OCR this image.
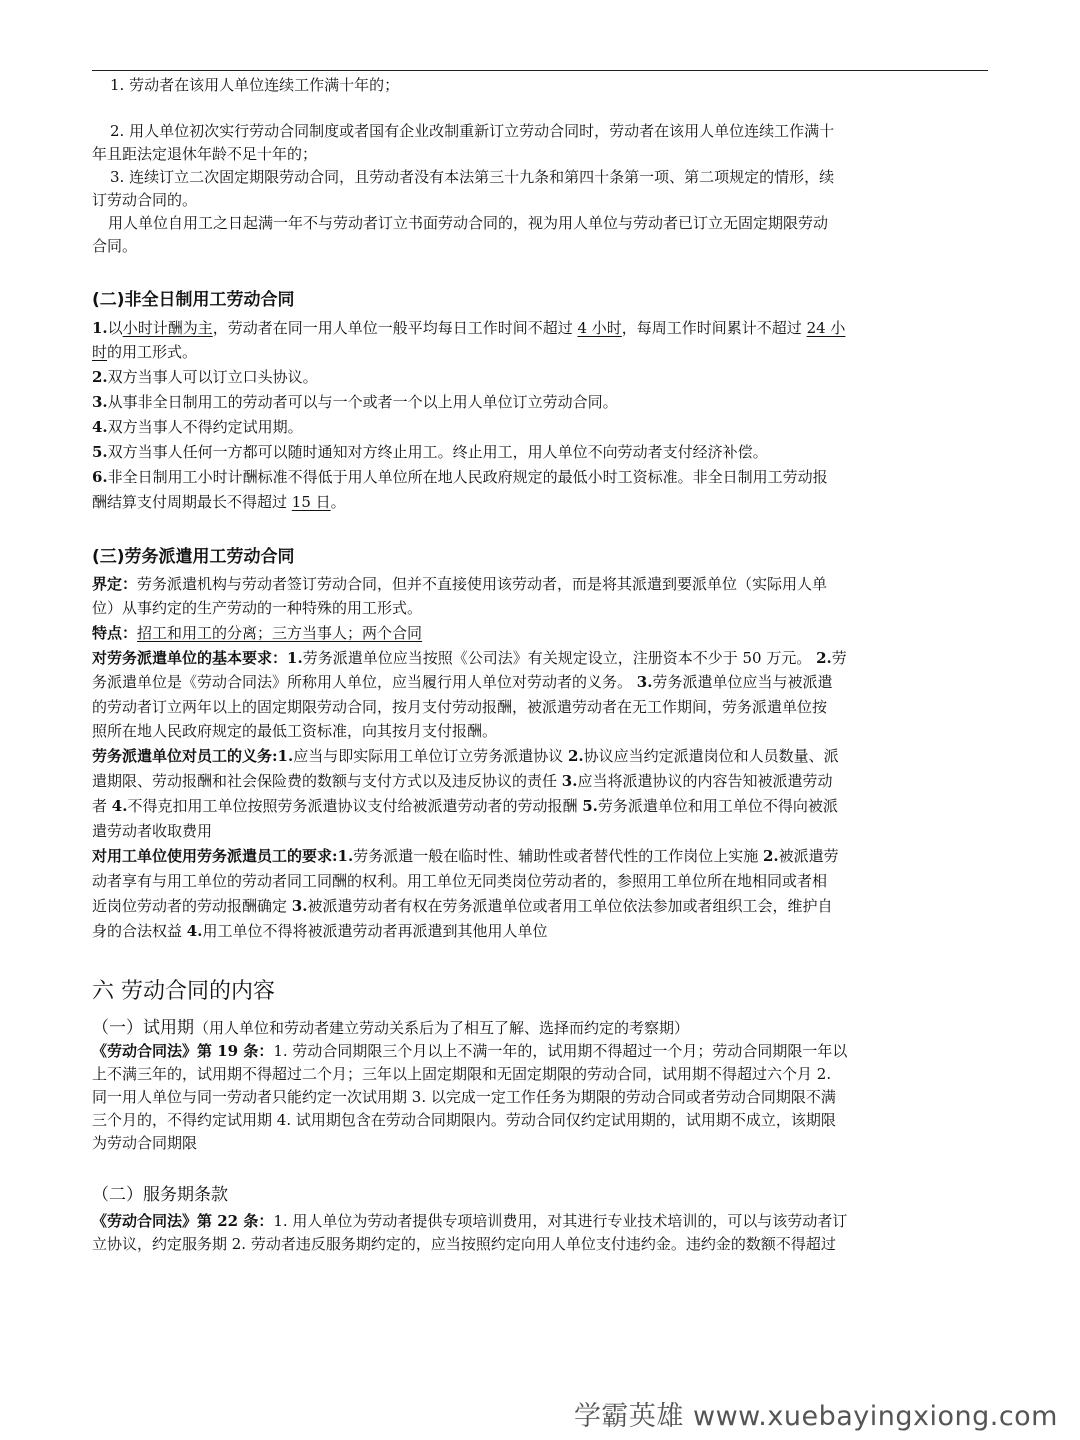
1. 劳动者在该用人单位连续工作满十年的；
2. 用人单位初次实行劳动合同制度或者国有企业改制重新订立劳动合同时，劳动者在该用人单位连续工作满十
年且距法定退休年龄不足十年的；
3. 连续订立二次固定期限劳动合同，且劳动者没有本法第三十九条和第四十条第一项、第二项规定的情形，续
订劳动合同的。
用人单位自用工之日起满一年不与劳动者订立书面劳动合同的，视为用人单位与劳动者已订立无固定期限劳动
合同。
(二)非全日制用工劳动合同
1.以小时计酬为主，劳动者在同一用人单位一般平均每日工作时间不超过 4 小时，每周工作时间累计不超过 24 小
时的用工形式。
2.双方当事人可以订立口头协议。
3.从事非全日制用工的劳动者可以与一个或者一个以上用人单位订立劳动合同。
4.双方当事人不得约定试用期。
5.双方当事人任何一方都可以随时通知对方终止用工。终止用工，用人单位不向劳动者支付经济补偿。
6.非全日制用工小时计酬标准不得低于用人单位所在地人民政府规定的最低小时工资标准。非全日制用工劳动报
酬结算支付周期最长不得超过 15 日。
(三)劳务派遣用工劳动合同
界定：劳务派遣机构与劳动者签订劳动合同，但并不直接使用该劳动者，而是将其派遣到要派单位（实际用人单
位）从事约定的生产劳动的一种特殊的用工形式。
特点：招工和用工的分离；三方当事人；两个合同
对劳务派遣单位的基本要求：1.劳务派遣单位应当按照《公司法》有关规定设立，注册资本不少于 50 万元。 2.劳
务派遣单位是《劳动合同法》所称用人单位，应当履行用人单位对劳动者的义务。 3.劳务派遣单位应当与被派遣
的劳动者订立两年以上的固定期限劳动合同，按月支付劳动报酬，被派遣劳动者在无工作期间，劳务派遣单位按
照所在地人民政府规定的最低工资标准，向其按月支付报酬。
劳务派遣单位对员工的义务:1.应当与即实际用工单位订立劳务派遣协议 2.协议应当约定派遣岗位和人员数量、派
遣期限、劳动报酬和社会保险费的数额与支付方式以及违反协议的责任 3.应当将派遣协议的内容告知被派遣劳动
者 4.不得克扣用工单位按照劳务派遣协议支付给被派遣劳动者的劳动报酬 5.劳务派遣单位和用工单位不得向被派
遣劳动者收取费用
对用工单位使用劳务派遣员工的要求:1.劳务派遣一般在临时性、辅助性或者替代性的工作岗位上实施 2.被派遣劳
动者享有与用工单位的劳动者同工同酬的权利。用工单位无同类岗位劳动者的，参照用工单位所在地相同或者相
近岗位劳动者的劳动报酬确定 3.被派遣劳动者有权在劳务派遣单位或者用工单位依法参加或者组织工会，维护自
身的合法权益 4.用工单位不得将被派遣劳动者再派遣到其他用人单位
六 劳动合同的内容
（一）试用期（用人单位和劳动者建立劳动关系后为了相互了解、选择而约定的考察期）
《劳动合同法》第 19 条：1. 劳动合同期限三个月以上不满一年的，试用期不得超过一个月；劳动合同期限一年以
上不满三年的，试用期不得超过二个月；三年以上固定期限和无固定期限的劳动合同，试用期不得超过六个月 2.
同一用人单位与同一劳动者只能约定一次试用期 3. 以完成一定工作任务为期限的劳动合同或者劳动合同期限不满
三个月的，不得约定试用期 4. 试用期包含在劳动合同期限内。劳动合同仅约定试用期的，试用期不成立，该期限
为劳动合同期限
（二）服务期条款
《劳动合同法》第 22 条：1. 用人单位为劳动者提供专项培训费用，对其进行专业技术培训的，可以与该劳动者订
立协议，约定服务期 2. 劳动者违反服务期约定的，应当按照约定向用人单位支付违约金。违约金的数额不得超过
学霸英雄 www.xuebayingxiong.com
